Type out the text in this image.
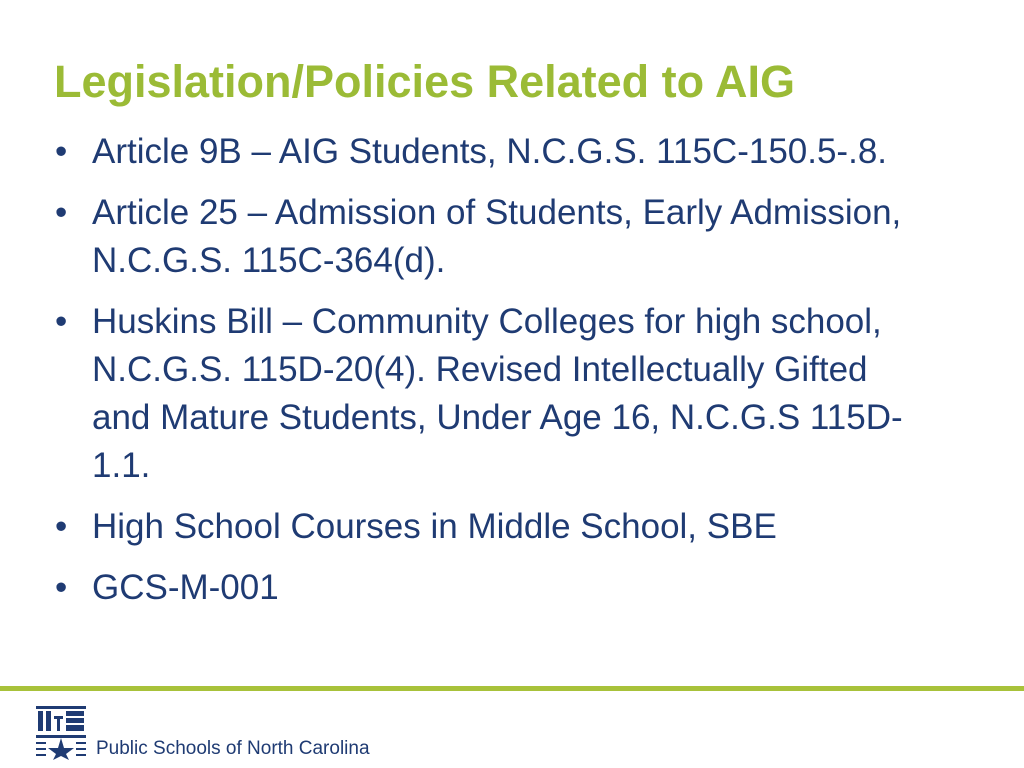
Legislation/Policies Related to AIG
• Article 9B – AIG Students, N.C.G.S. 115C-150.5-.8.
• Article 25 – Admission of Students, Early Admission, N.C.G.S. 115C-364(d).
• Huskins Bill – Community Colleges for high school, N.C.G.S. 115D-20(4). Revised Intellectually Gifted and Mature Students, Under Age 16, N.C.G.S 115D-1.1.
• High School Courses in Middle School, SBE
• GCS-M-001
Public Schools of North Carolina
